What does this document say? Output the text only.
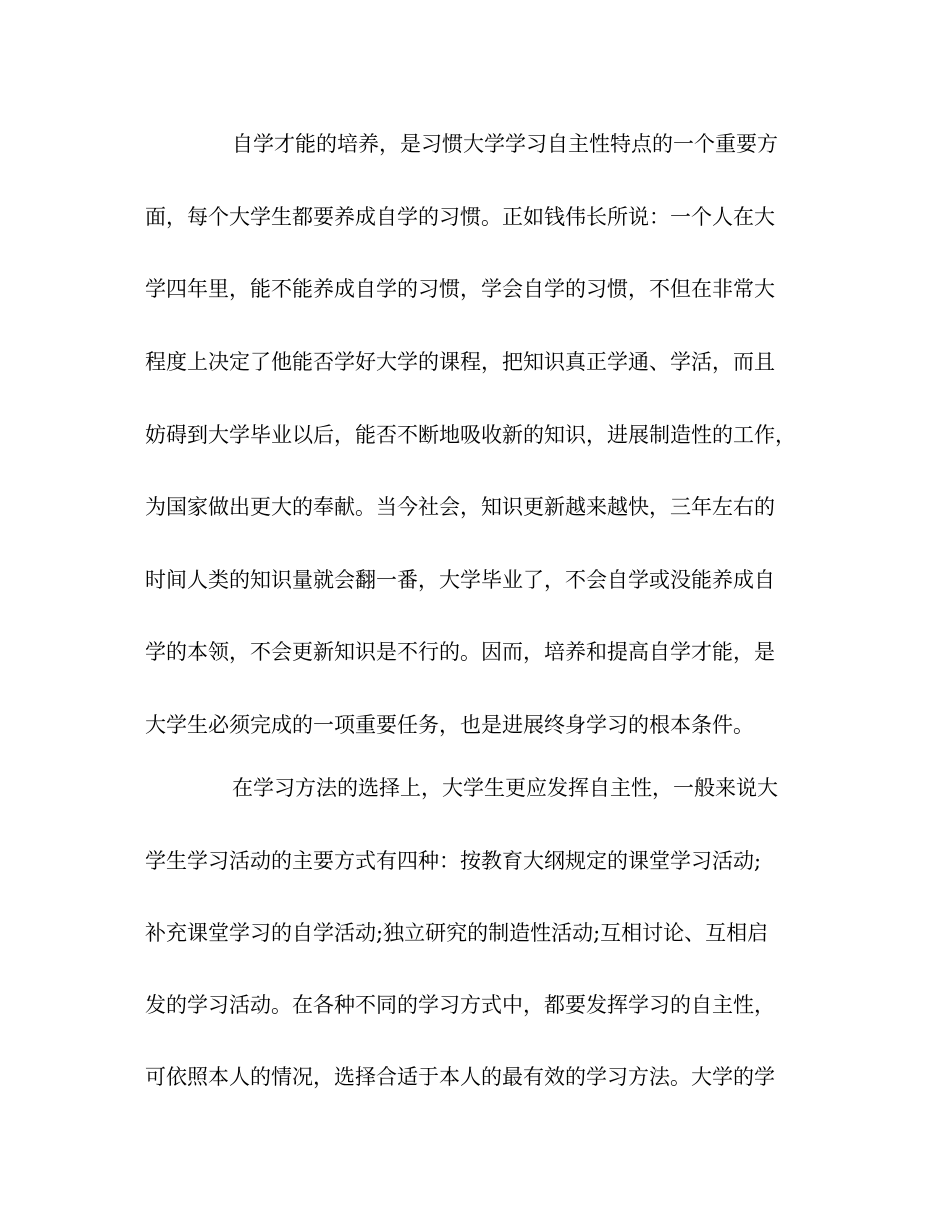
自学才能的培养，是习惯大学学习自主性特点的一个重要方
面，每个大学生都要养成自学的习惯。正如钱伟长所说：一个人在大
学四年里，能不能养成自学的习惯，学会自学的习惯，不但在非常大
程度上决定了他能否学好大学的课程，把知识真正学通、学活，而且
妨碍到大学毕业以后，能否不断地吸收新的知识，进展制造性的工作，
为国家做出更大的奉献。当今社会，知识更新越来越快，三年左右的
时间人类的知识量就会翻一番，大学毕业了，不会自学或没能养成自
学的本领，不会更新知识是不行的。因而，培养和提高自学才能，是
大学生必须完成的一项重要任务，也是进展终身学习的根本条件。
在学习方法的选择上，大学生更应发挥自主性，一般来说大
学生学习活动的主要方式有四种：按教育大纲规定的课堂学习活动;
补充课堂学习的自学活动;独立研究的制造性活动;互相讨论、互相启
发的学习活动。在各种不同的学习方式中，都要发挥学习的自主性，
可依照本人的情况，选择合适于本人的最有效的学习方法。大学的学
